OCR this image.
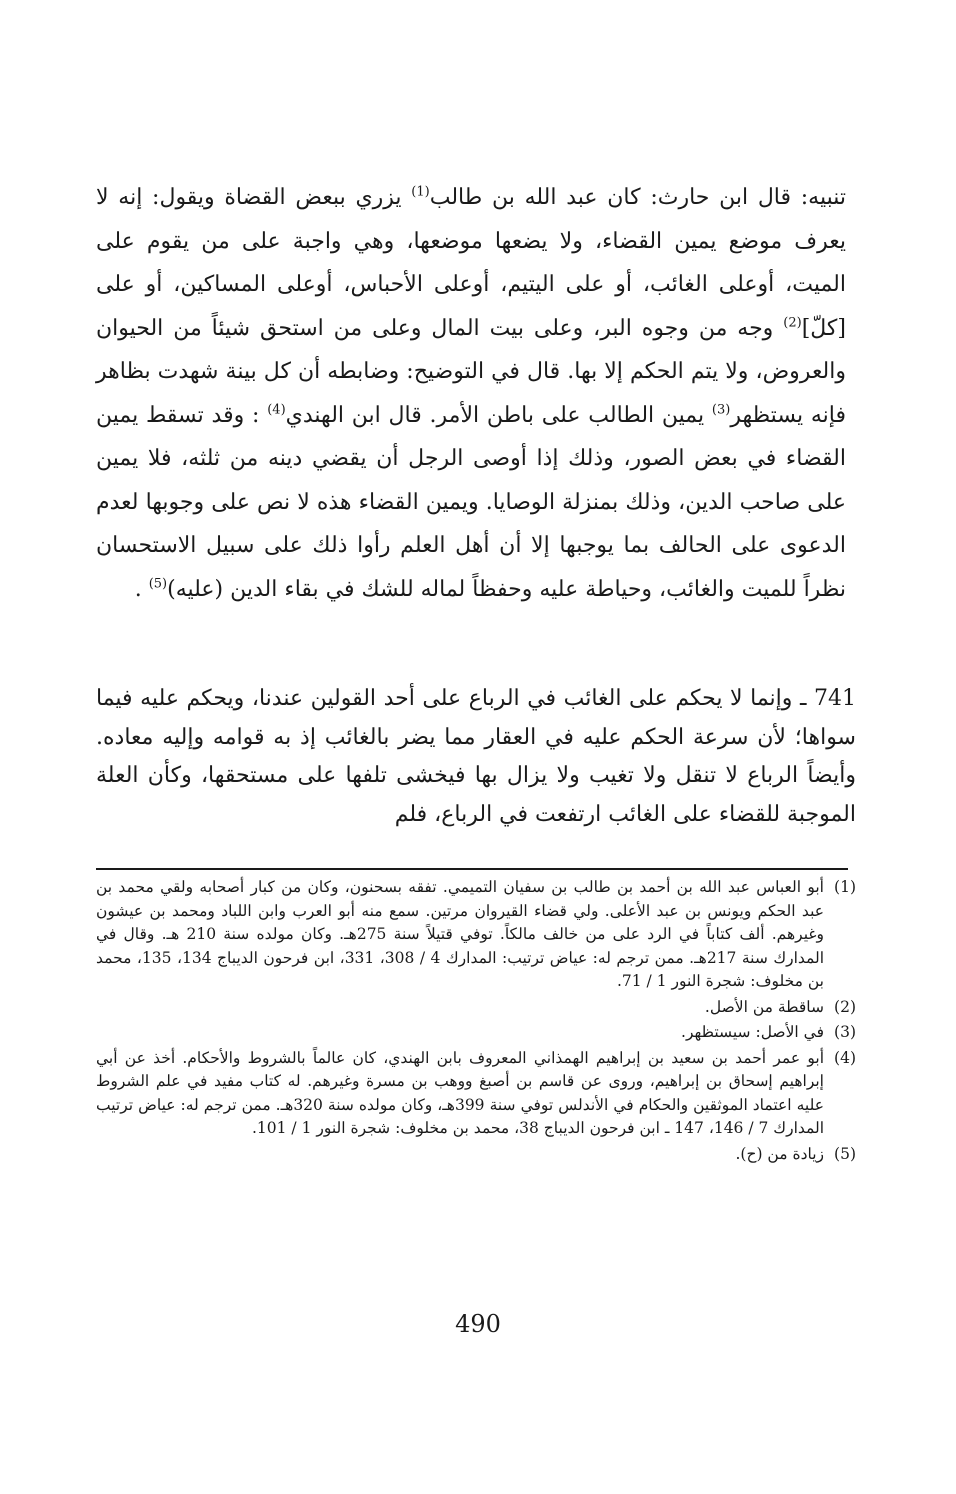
تنبيه: قال ابن حارث: كان عبد الله بن طالب$^{(1)}$ يزري ببعض القضاة ويقول: إنه لا يعرف موضع يمين القضاء، ولا يضعها موضعها، وهي واجبة على من يقوم على الميت، أوعلى الغائب، أو على اليتيم، أوعلى الأحباس، أوعلى المساكين، أو على [كلّ]$^{(2)}$ وجه من وجوه البر، وعلى بيت المال وعلى من استحق شيئاً من الحيوان والعروض، ولا يتم الحكم إلا بها. قال في التوضيح: وضابطه أن كل بينة شهدت بظاهر فإنه يستظهر$^{(3)}$ يمين الطالب على باطن الأمر. قال ابن الهندي$^{(4)}$ : وقد تسقط يمين القضاء في بعض الصور، وذلك إذا أوصى الرجل أن يقضي دينه من ثلثه، فلا يمين على صاحب الدين، وذلك بمنزلة الوصايا. ويمين القضاء هذه لا نص على وجوبها لعدم الدعوى على الحالف بما يوجبها إلا أن أهل العلم رأوا ذلك على سبيل الاستحسان نظراً للميت والغائب، وحياطة عليه وحفظاً لماله للشك في بقاء الدين (عليه)$^{(5)}$ .

741 ـ وإنما لا يحكم على الغائب في الرباع على أحد القولين عندنا، ويحكم عليه فيما سواها؛ لأن سرعة الحكم عليه في العقار مما يضر بالغائب إذ به قوامه وإليه معاده. وأيضاً الرباع لا تنقل ولا تغيب ولا يزال بها فيخشى تلفها على مستحقها، وكأن العلة الموجبة للقضاء على الغائب ارتفعت في الرباع، فلم
(1)
أبو العباس عبد الله بن أحمد بن طالب بن سفيان التميمي. تفقه بسحنون، وكان من كبار أصحابه ولقي محمد بن عبد الحكم ويونس بن عبد الأعلى. ولي قضاء القيروان مرتين. سمع منه أبو العرب وابن اللباد ومحمد بن عيشون وغيرهم. ألف كتاباً في الرد على من خالف مالكاً. توفي قتيلاً سنة 275هـ. وكان مولده سنة 210 هـ. وقال في المدارك سنة 217هـ. ممن ترجم له: عياض ترتيب: المدارك 4 / 308، 331، ابن فرحون الديباج 134، 135، محمد بن مخلوف: شجرة النور 1 / 71.
(2)
ساقطة من الأصل.
(3)
في الأصل: سيستظهر.
(4)
أبو عمر أحمد بن سعيد بن إبراهيم الهمذاني المعروف بابن الهندي، كان عالماً بالشروط والأحكام. أخذ عن أبي إبراهيم إسحاق بن إبراهيم، وروى عن قاسم بن أصبغ ووهب بن مسرة وغيرهم. له كتاب مفيد في علم الشروط عليه اعتماد الموثقين والحكام في الأندلس توفي سنة 399هـ، وكان مولده سنة 320هـ. ممن ترجم له: عياض ترتيب المدارك 7 / 146، 147 ـ ابن فرحون الديباج 38، محمد بن مخلوف: شجرة النور 1 / 101.
(5)
زيادة من (ح).
490
